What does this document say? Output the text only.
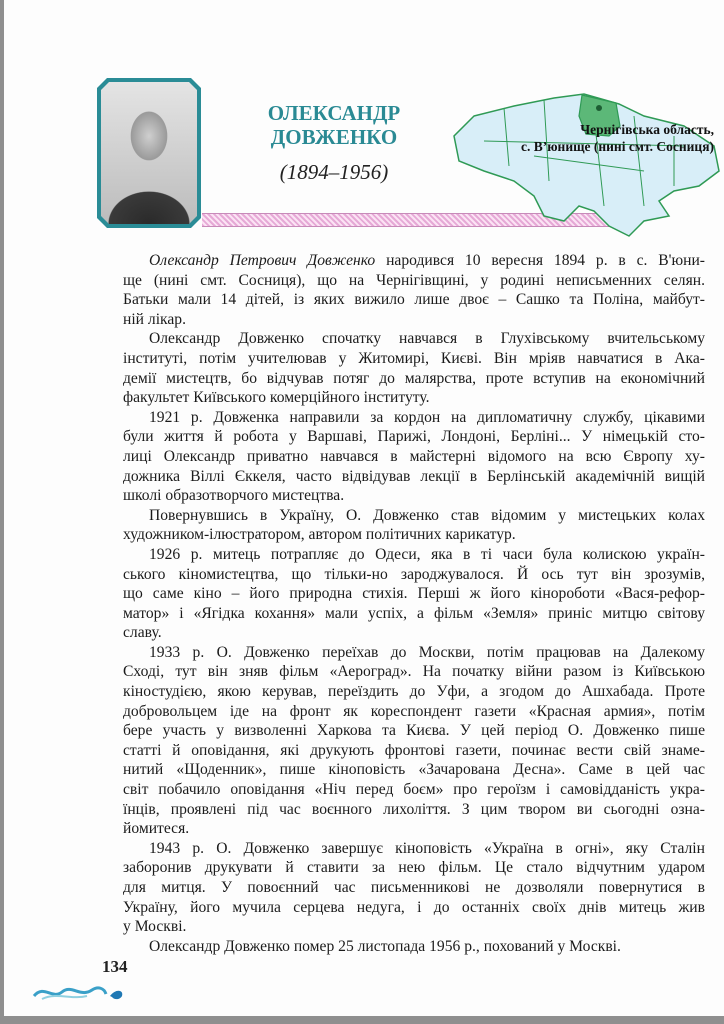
ОЛЕКСАНДР
ДОВЖЕНКО
(1894–1956)
Чернігівська область,
с. В’юнище (нині смт. Сосниця)
Олександр Петрович Довженко народився 10 вересня 1894 р. в с. В'юни-
ще (нині смт. Сосниця), що на Чернігівщині, у родині неписьменних селян.
Батьки мали 14 дітей, із яких вижило лише двоє – Сашко та Поліна, майбут-
ній лікар.
Олександр Довженко спочатку навчався в Глухівському вчительському
інституті, потім учителював у Житомирі, Києві. Він мріяв навчатися в Ака-
демії мистецтв, бо відчував потяг до малярства, проте вступив на економічний
факультет Київського комерційного інституту.
1921 р. Довженка направили за кордон на дипломатичну службу, цікавими
були життя й робота у Варшаві, Парижі, Лондоні, Берліні... У німецькій сто-
лиці Олександр приватно навчався в майстерні відомого на всю Європу ху-
дожника Віллі Єккеля, часто відвідував лекції в Берлінській академічній вищій
школі образотворчого мистецтва.
Повернувшись в Україну, О. Довженко став відомим у мистецьких колах
художником-ілюстратором, автором політичних карикатур.
1926 р. митець потрапляє до Одеси, яка в ті часи була колискою україн-
ського кіномистецтва, що тільки-но зароджувалося. Й ось тут він зрозумів,
що саме кіно – його природна стихія. Перші ж його кінороботи «Вася-рефор-
матор» і «Ягідка кохання» мали успіх, а фільм «Земля» приніс митцю світову
славу.
1933 р. О. Довженко переїхав до Москви, потім працював на Далекому
Сході, тут він зняв фільм «Аероград». На початку війни разом із Київською
кіностудією, якою керував, переїздить до Уфи, а згодом до Ашхабада. Проте
добровольцем іде на фронт як кореспондент газети «Красная армия», потім
бере участь у визволенні Харкова та Києва. У цей період О. Довженко пише
статті й оповідання, які друкують фронтові газети, починає вести свій знаме-
нитий «Щоденник», пише кіноповість «Зачарована Десна». Саме в цей час
світ побачило оповідання «Ніч перед боєм» про героїзм і самовідданість укра-
їнців, проявлені під час воєнного лихоліття. З цим твором ви сьогодні озна-
йомитеся.
1943 р. О. Довженко завершує кіноповість «Україна в огні», яку Сталін
заборонив друкувати й ставити за нею фільм. Це стало відчутним ударом
для митця. У повоєнний час письменникові не дозволяли повернутися в
Україну, його мучила серцева недуга, і до останніх своїх днів митець жив
у Москві.
Олександр Довженко помер 25 листопада 1956 р., похований у Москві.
134
